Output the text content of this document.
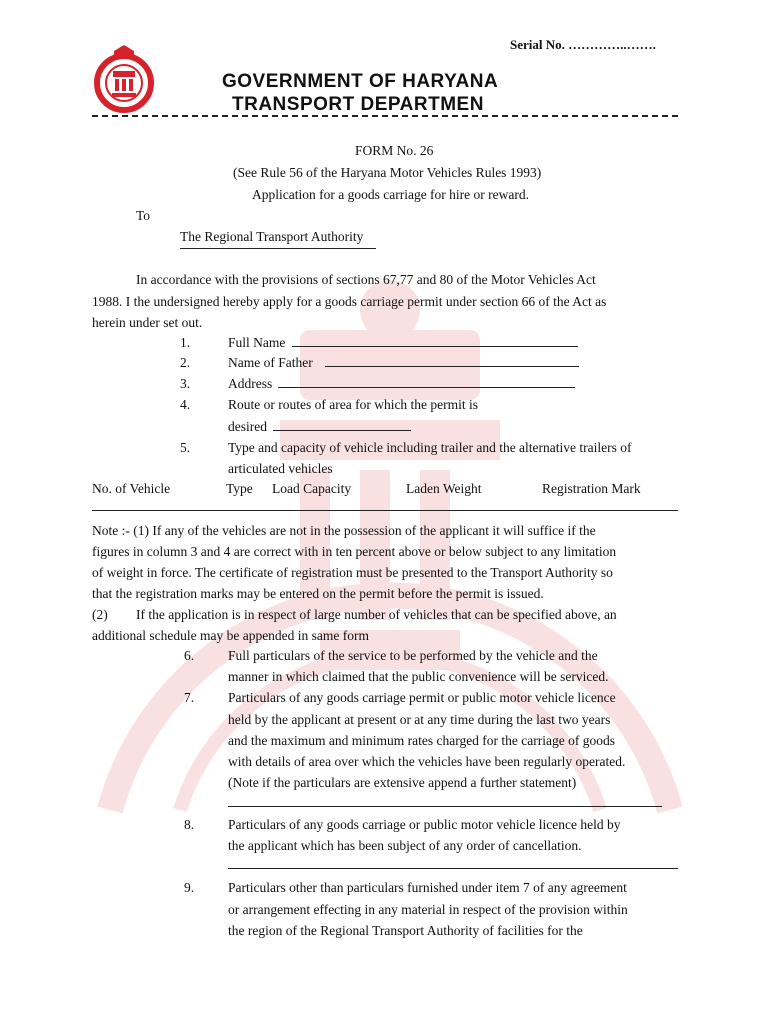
Serial No. …………..…….
GOVERNMENT OF HARYANA
TRANSPORT DEPARTMEN
FORM No. 26
(See Rule 56 of the Haryana Motor Vehicles Rules 1993)
Application for a goods carriage for hire or reward.
To
The Regional Transport Authority
In accordance with the provisions of sections 67,77 and 80 of the Motor Vehicles Act
1988. I the undersigned hereby apply for a goods carriage permit under section 66 of the Act as
herein under set out.
1.	Full Name
2.	Name of Father
3.	Address
4.	Route or routes of area for which the permit is
desired
5.	Type and capacity of vehicle including trailer and the alternative trailers of
articulated vehicles
No. of Vehicle	Type Load Capacity	Laden Weight	Registration Mark
Note :- (1) If any of the vehicles are not in the possession of the applicant it will suffice if the
figures in column 3 and 4 are correct with in ten percent above or below subject to any limitation
of weight in force. The certificate of registration must be presented to the Transport Authority so
that the registration marks may be entered on the permit before the permit is issued.
(2) If the application is in respect of large number of vehicles that can be specified above, an
additional schedule may be appended in same form
6.	Full particulars of the service to be performed by the vehicle and the
manner in which claimed that the public convenience will be serviced.
7.	Particulars of any goods carriage permit or public motor vehicle licence
held by the applicant at present or at any time during the last two years
and the maximum and minimum rates charged for the carriage of goods
with details of area over which the vehicles have been regularly operated.
(Note if the particulars are extensive append a further statement)
8.	Particulars of any goods carriage or public motor vehicle licence held by
the applicant which has been subject of any order of cancellation.
9.	Particulars other than particulars furnished under item 7 of any agreement
or arrangement effecting in any material in respect of the provision within
the region of the Regional Transport Authority of facilities for the
